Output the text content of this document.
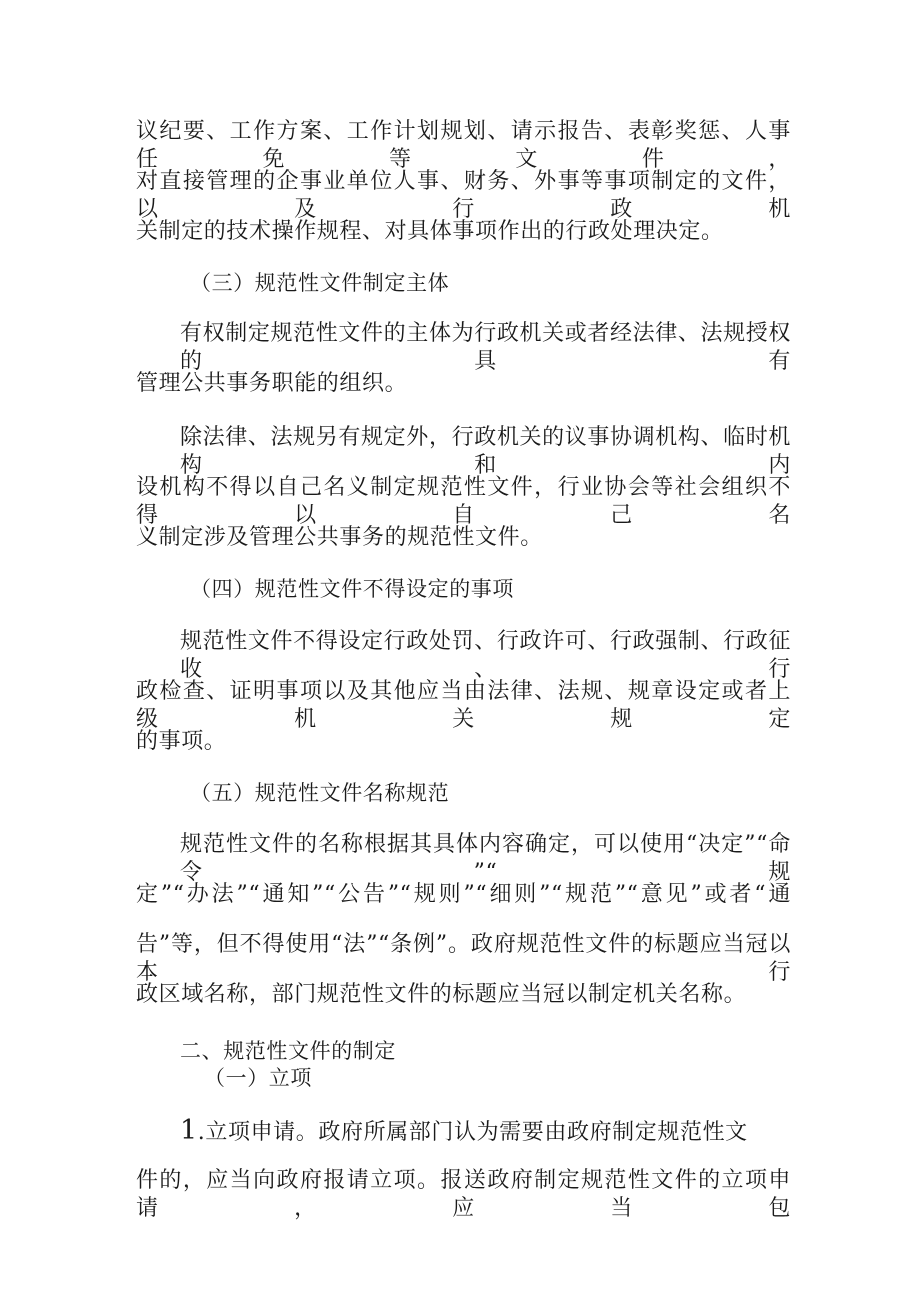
议纪要、工作方案、工作计划规划、请示报告、表彰奖惩、人事任免等文件，
对直接管理的企事业单位人事、财务、外事等事项制定的文件，以及行政机
关制定的技术操作规程、对具体事项作出的行政处理决定。
（三）规范性文件制定主体
有权制定规范性文件的主体为行政机关或者经法律、法规授权的具有
管理公共事务职能的组织。
除法律、法规另有规定外，行政机关的议事协调机构、临时机构和内
设机构不得以自己名义制定规范性文件，行业协会等社会组织不得以自己名
义制定涉及管理公共事务的规范性文件。
（四）规范性文件不得设定的事项
规范性文件不得设定行政处罚、行政许可、行政强制、行政征收、行
政检查、证明事项以及其他应当由法律、法规、规章设定或者上级机关规定
的事项。
（五）规范性文件名称规范
规范性文件的名称根据其具体内容确定，可以使用“决定”“命令”“规
定”“办法”“通知”“公告”“规则”“细则”“规范”“意见”或者“通
告”等，但不得使用“法”“条例”。政府规范性文件的标题应当冠以本行
政区域名称，部门规范性文件的标题应当冠以制定机关名称。
二、规范性文件的制定
（一）立项
1.立项申请。政府所属部门认为需要由政府制定规范性文
件的，应当向政府报请立项。报送政府制定规范性文件的立项申请，应当包
